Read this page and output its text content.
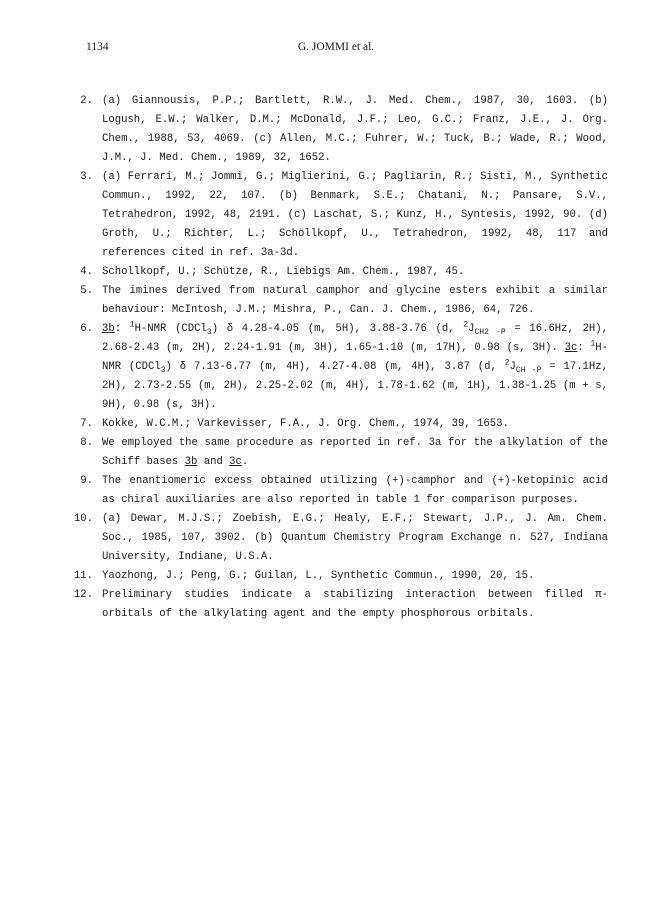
1134	G. JOMMI et al.
2. (a) Giannousis, P.P.; Bartlett, R.W., J. Med. Chem., 1987, 30, 1603. (b) Logush, E.W.; Walker, D.M.; McDonald, J.F.; Leo, G.C.; Franz, J.E., J. Org. Chem., 1988, 53, 4069. (c) Allen, M.C.; Fuhrer, W.; Tuck, B.; Wade, R.; Wood, J.M., J. Med. Chem., 1989, 32, 1652.
3. (a) Ferrari, M.; Jommi, G.; Miglierini, G.; Pagliarin, R.; Sisti, M., Synthetic Commun., 1992, 22, 107. (b) Benmark, S.E.; Chatani, N.; Pansare, S.V., Tetrahedron, 1992, 48, 2191. (c) Laschat, S.; Kunz, H., Syntesis, 1992, 90. (d) Groth, U.; Richter, L.; Schöllkopf, U., Tetrahedron, 1992, 48, 117 and references cited in ref. 3a-3d.
4. Schollkopf, U.; Schütze, R., Liebigs Am. Chem., 1987, 45.
5. The imines derived from natural camphor and glycine esters exhibit a similar behaviour: McIntosh, J.M.; Mishra, P., Can. J. Chem., 1986, 64, 726.
6. 3b: $^1$H-NMR (CDCl$_3$) δ 4.28-4.05 (m, 5H), 3.88-3.76 (d, $^2J_{CH2 -P} = 16.6Hz$, 2H), 2.68-2.43 (m, 2H), 2.24-1.91 (m, 3H), 1.65-1.10 (m, 17H), 0.98 (s, 3H). 3c: $^1$H-NMR (CDCl$_3$) δ 7.13-6.77 (m, 4H), 4.27-4.08 (m, 4H), 3.87 (d, $^2J_{CH -P} = 17.1Hz$, 2H), 2.73-2.55 (m, 2H), 2.25-2.02 (m, 4H), 1.78-1.62 (m, 1H), 1.38-1.25 (m + s, 9H), 0.98 (s, 3H).
7. Kokke, W.C.M.; Varkevisser, F.A., J. Org. Chem., 1974, 39, 1653.
8. We employed the same procedure as reported in ref. 3a for the alkylation of the Schiff bases 3b and 3c.
9. The enantiomeric excess obtained utilizing (+)-camphor and (+)-ketopinic acid as chiral auxiliaries are also reported in table 1 for comparison purposes.
10. (a) Dewar, M.J.S.; Zoebish, E.G.; Healy, E.F.; Stewart, J.P., J. Am. Chem. Soc., 1985, 107, 3902. (b) Quantum Chemistry Program Exchange n. 527, Indiana University, Indiane, U.S.A.
11. Yaozhong, J.; Peng, G.; Guilan, L., Synthetic Commun., 1990, 20, 15.
12. Preliminary studies indicate a stabilizing interaction between filled π-orbitals of the alkylating agent and the empty phosphorous orbitals.
